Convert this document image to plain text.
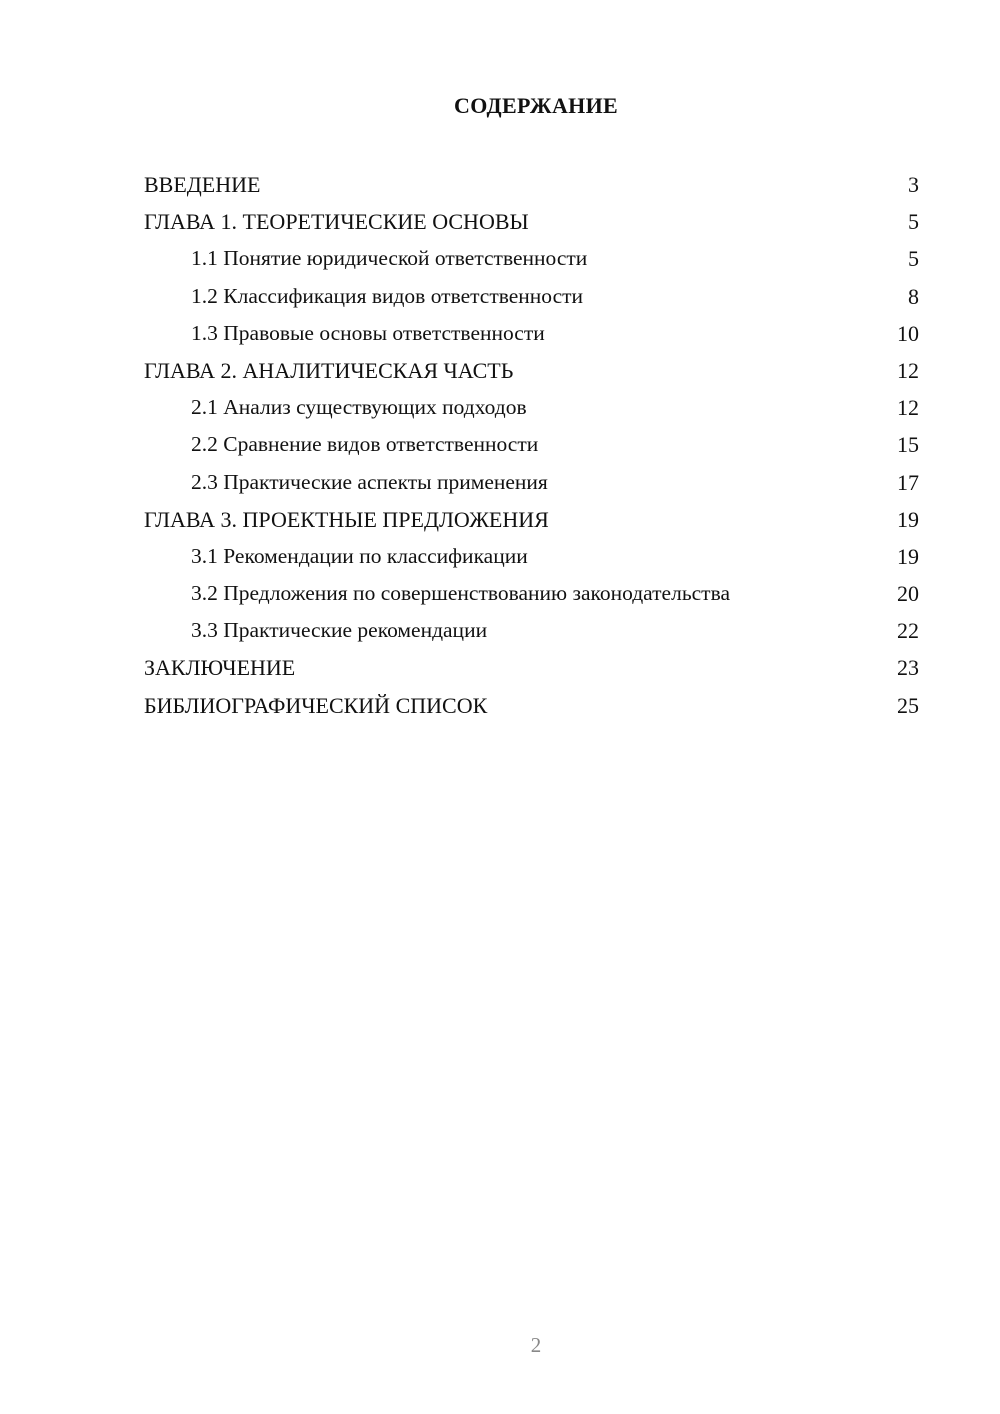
СОДЕРЖАНИЕ
ВВЕДЕНИЕ	3
ГЛАВА 1. ТЕОРЕТИЧЕСКИЕ ОСНОВЫ	5
1.1 Понятие юридической ответственности	5
1.2 Классификация видов ответственности	8
1.3 Правовые основы ответственности	10
ГЛАВА 2. АНАЛИТИЧЕСКАЯ ЧАСТЬ	12
2.1 Анализ существующих подходов	12
2.2 Сравнение видов ответственности	15
2.3 Практические аспекты применения	17
ГЛАВА 3. ПРОЕКТНЫЕ ПРЕДЛОЖЕНИЯ	19
3.1 Рекомендации по классификации	19
3.2 Предложения по совершенствованию законодательства	20
3.3 Практические рекомендации	22
ЗАКЛЮЧЕНИЕ	23
БИБЛИОГРАФИЧЕСКИЙ СПИСОК	25
2
